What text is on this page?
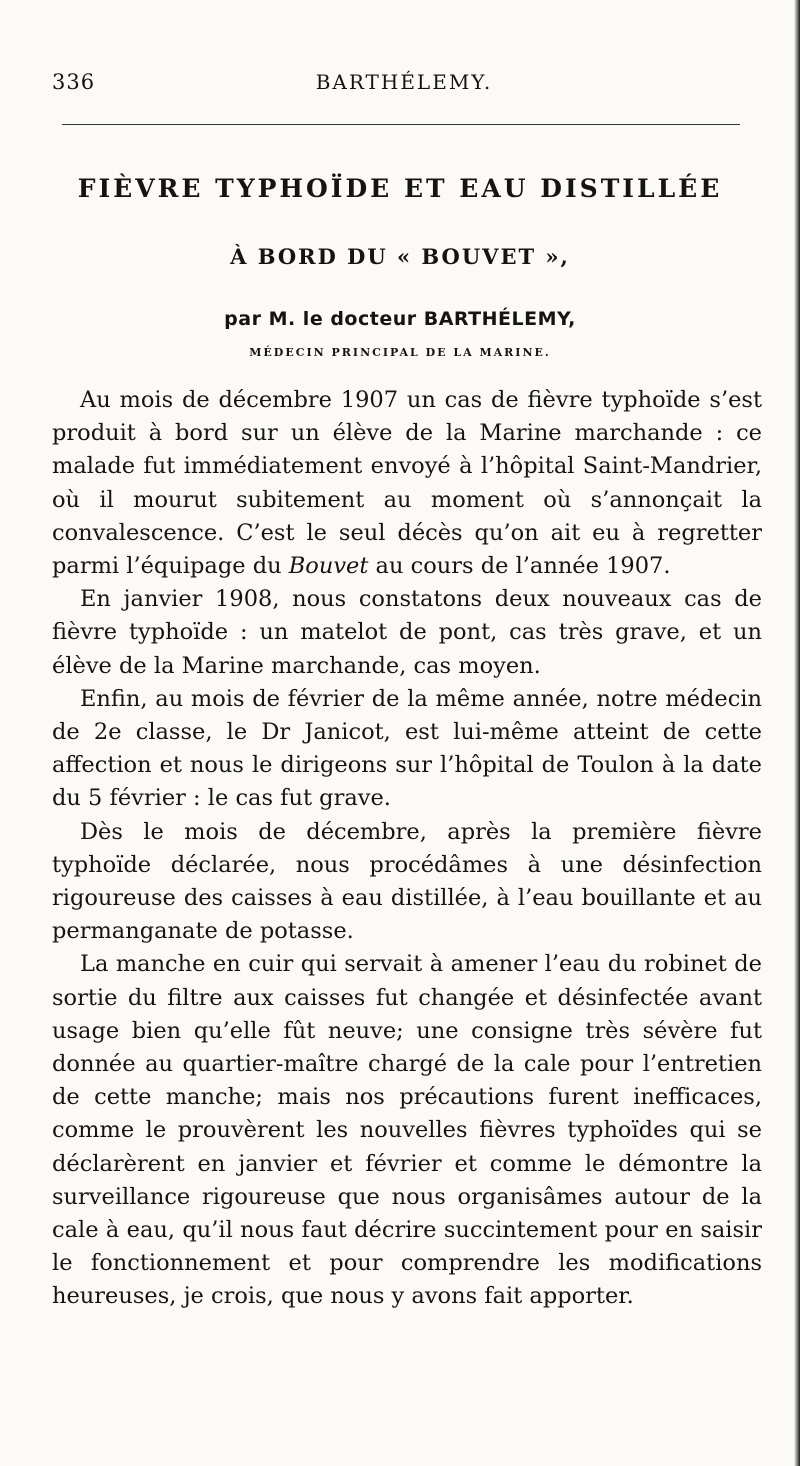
336	BARTHÉLEMY.
FIÈVRE TYPHOÏDE ET EAU DISTILLÉE
À BORD DU « BOUVET »,
par M. le docteur BARTHÉLEMY,
MÉDECIN PRINCIPAL DE LA MARINE.

Au mois de décembre 1907 un cas de fièvre typhoïde s’est produit à bord sur un élève de la Marine marchande : ce malade fut immédiatement envoyé à l’hôpital Saint-Mandrier, où il mourut subitement au moment où s’annonçait la convalescence. C’est le seul décès qu’on ait eu à regretter parmi l’équipage du Bouvet au cours de l’année 1907.

En janvier 1908, nous constatons deux nouveaux cas de fièvre typhoïde : un matelot de pont, cas très grave, et un élève de la Marine marchande, cas moyen.

Enfin, au mois de février de la même année, notre médecin de 2e classe, le Dr Janicot, est lui-même atteint de cette affection et nous le dirigeons sur l’hôpital de Toulon à la date du 5 février : le cas fut grave.

Dès le mois de décembre, après la première fièvre typhoïde déclarée, nous procédâmes à une désinfection rigoureuse des caisses à eau distillée, à l’eau bouillante et au permanganate de potasse.

La manche en cuir qui servait à amener l’eau du robinet de sortie du filtre aux caisses fut changée et désinfectée avant usage bien qu’elle fût neuve; une consigne très sévère fut donnée au quartier-maître chargé de la cale pour l’entretien de cette manche; mais nos précautions furent inefficaces, comme le prouvèrent les nouvelles fièvres typhoïdes qui se déclarèrent en janvier et février et comme le démontre la surveillance rigoureuse que nous organisâmes autour de la cale à eau, qu’il nous faut décrire succintement pour en saisir le fonctionnement et pour comprendre les modifications heureuses, je crois, que nous y avons fait apporter.
